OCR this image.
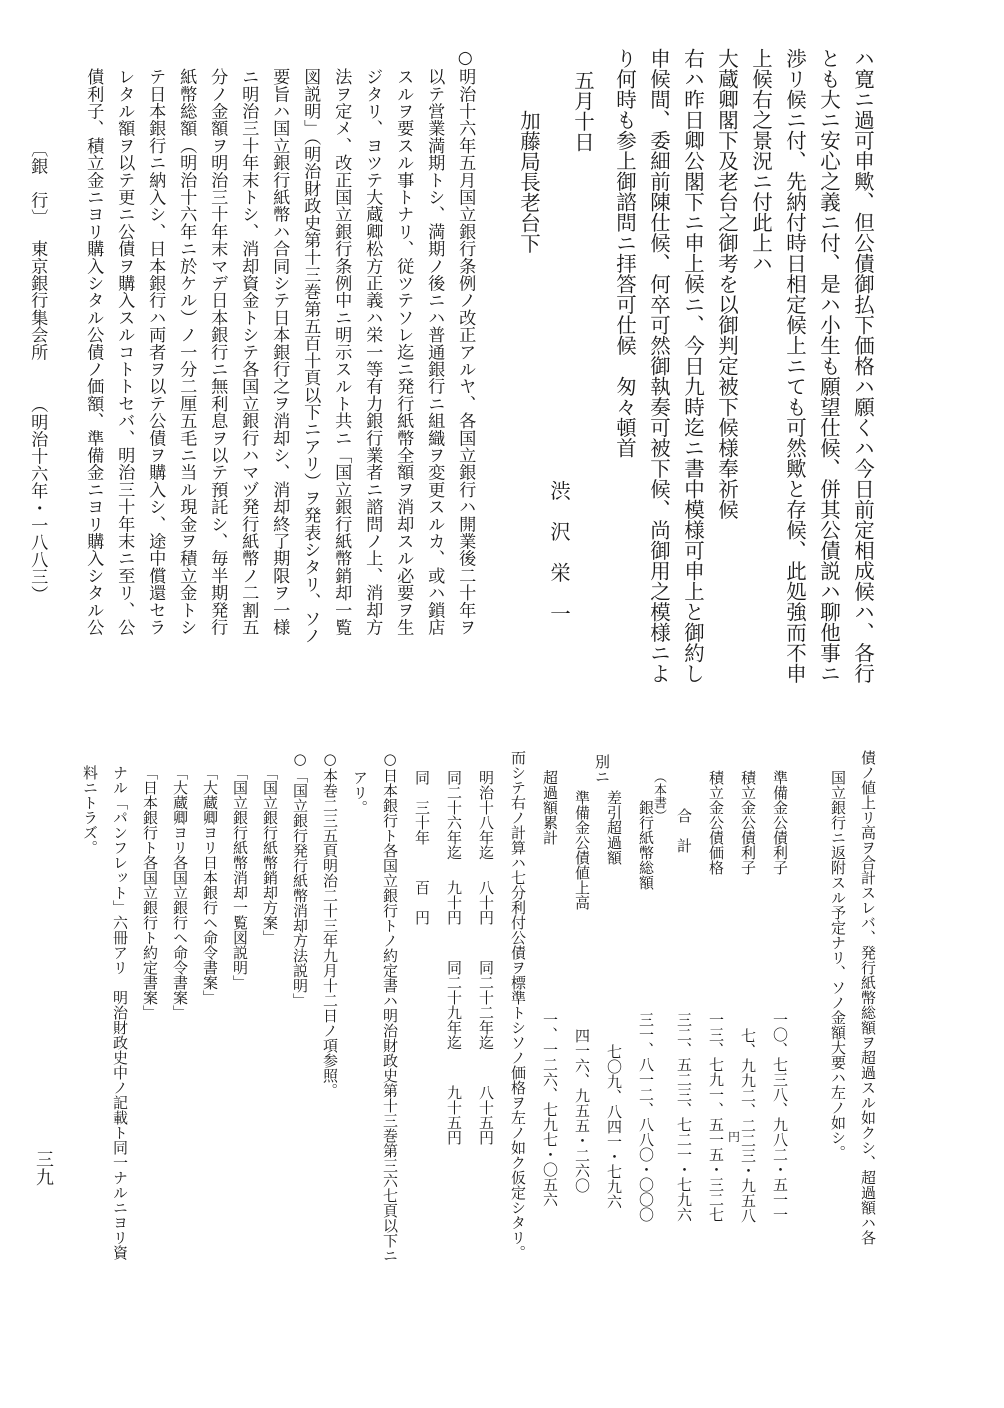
ハ寛ニ過可申歟、但公債御払下価格ハ願くハ今日前定相成候ハ、各行
とも大ニ安心之義ニ付、是ハ小生も願望仕候、併其公債説ハ聊他事ニ
渉リ候ニ付、先納付時日相定候上ニても可然歟と存候、此処強而不申
上候右之景況ニ付此上ハ
大蔵卿閣下及老台之御考を以御判定被下候様奉祈候
右ハ昨日卿公閣下ニ申上候ニ、今日九時迄ニ書中模様可申上と御約し
申候間、委細前陳仕候、何卒可然御執奏可被下候、尚御用之模様ニよ
り何時も参上御諮問ニ拝答可仕候　匆々頓首
五月十日
渋　沢　栄　一
加藤局長老台下
○明治十六年五月国立銀行条例ノ改正アルヤ、各国立銀行ハ開業後二十年ヲ
以テ営業満期トシ、満期ノ後ニハ普通銀行ニ組織ヲ変更スルカ、或ハ鎖店
スルヲ要スル事トナリ、従ツテソレ迄ニ発行紙幣全額ヲ消却スル必要ヲ生
ジタリ、ヨツテ大蔵卿松方正義ハ栄一等有力銀行業者ニ諮問ノ上、消却方
法ヲ定メ、改正国立銀行条例中ニ明示スルト共ニ「国立銀行紙幣銷却一覧
図説明」（明治財政史第十三巻第五百十頁以下ニアリ）ヲ発表シタリ、ソノ
要旨ハ国立銀行紙幣ハ合同シテ日本銀行之ヲ消却シ、消却終了期限ヲ一様
ニ明治三十年末トシ、消却資金トシテ各国立銀行ハマヅ発行紙幣ノ二割五
分ノ金額ヲ明治三十年末マデ日本銀行ニ無利息ヲ以テ預託シ、毎半期発行
紙幣総額（明治十六年ニ於ケル）ノ一分二厘五毛ニ当ル現金ヲ積立金トシ
テ日本銀行ニ納入シ、日本銀行ハ両者ヲ以テ公債ヲ購入シ、途中償還セラ
レタル額ヲ以テ更ニ公債ヲ購入スルコトトセバ、明治三十年末ニ至リ、公
債利子、積立金ニヨリ購入シタル公債ノ価額、準備金ニヨリ購入シタル公
〔銀　行〕
東京銀行集会所
（明治十六年・一八八三）
債ノ値上リ高ヲ合計スレバ、発行紙幣総額ヲ超過スル如クシ、超過額ハ各
国立銀行ニ返附スル予定ナリ、ソノ金額大要ハ左ノ如シ。
準備金公債利子
一〇、七三八、九八二・五一一
積立金公債利子
七、九九二、二二三・九五八
積立金公債価格
一三、七九一、五一五・三二七
合　計
三二、五二三、七二一・七九六
（本書）
銀行紙幣総額
三一、八一二、八八〇・〇〇〇
差引超過額
七〇九、八四一・七九六
別ニ
準備金公債値上高
四一六、九五五・二六〇
超過額累計
一、一二六、七九七・〇五六	円
而シテ右ノ計算ハ七分利付公債ヲ標準トシソノ価格ヲ左ノ如ク仮定シタリ。
明治十八年迄
八十円
同二十二年迄
八十五円
同二十六年迄
九十円
同二十九年迄
九十五円
同　三十年
百　円
○日本銀行ト各国立銀行トノ約定書ハ明治財政史第十三巻第三六七頁以下ニ
アリ。
○本巻二三五頁明治二十三年九月十二日ノ項参照。
○「国立銀行発行紙幣消却方法説明」
「国立銀行紙幣銷却方案」
「国立銀行紙幣消却一覧図説明」
「大蔵卿ヨリ日本銀行ヘ命令書案」
「大蔵卿ヨリ各国立銀行ヘ命令書案」
「日本銀行ト各国立銀行ト約定書案」
ナル「パンフレット」六冊アリ　明治財政史中ノ記載ト同一ナルニヨリ資
料ニトラズ。
三九
